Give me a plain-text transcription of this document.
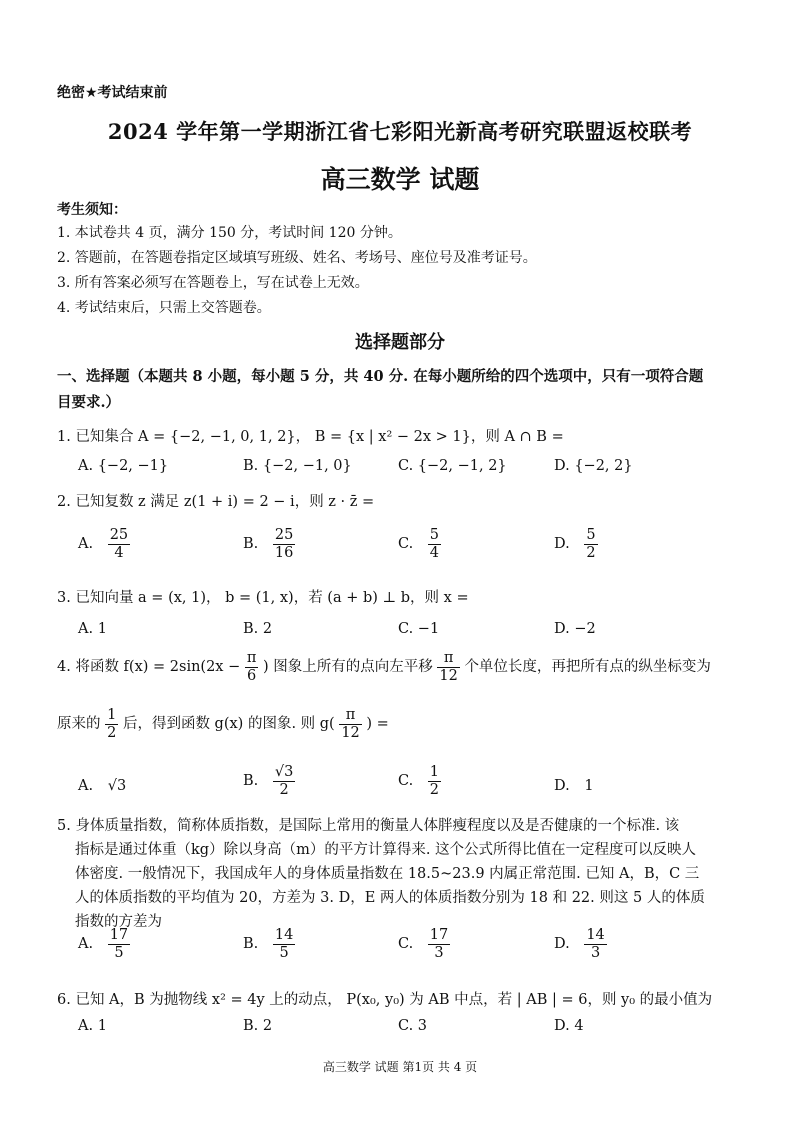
绝密★考试结束前
2024 学年第一学期浙江省七彩阳光新高考研究联盟返校联考
高三数学 试题
考生须知：
1. 本试卷共 4 页，满分 150 分，考试时间 120 分钟。
2. 答题前，在答题卷指定区域填写班级、姓名、考场号、座位号及准考证号。
3. 所有答案必须写在答题卷上，写在试卷上无效。
4. 考试结束后，只需上交答题卷。
选择题部分
一、选择题（本题共 8 小题，每小题 5 分，共 40 分. 在每小题所给的四个选项中，只有一项符合题
目要求.）
1. 已知集合 A = {−2, −1, 0, 1, 2}， B = {x | x² − 2x > 1}，则 A ∩ B =
A. {−2, −1}	B. {−2, −1, 0}	C. {−2, −1, 2}	D. {−2, 2}
2. 已知复数 z 满足 z(1 + i) = 2 − i，则 z · z̄ =
A. $\frac{25}{4}$	B. $\frac{25}{16}$	C. $\frac{5}{4}$	D. $\frac{5}{2}$
3. 已知向量 a = (x, 1)， b = (1, x)，若 (a + b) ⊥ b，则 x =
A. 1	B. 2	C. −1	D. −2
4. 将函数 $f(x) = 2\sin(2x - \frac{\pi}{6}$ ) 图象上所有的点向左平移 $\frac{\pi}{12}$ 个单位长度，再把所有点的纵坐标变为
原来的 $\frac{1}{2}$ 后，得到函数 g(x) 的图象. 则 $g( \frac{\pi}{12}$ ) =
A. √3	B. $\frac{√3}{2}$	C. $\frac{1}{2}$	D. 1
5. 身体质量指数，简称体质指数，是国际上常用的衡量人体胖瘦程度以及是否健康的一个标准. 该
指标是通过体重（kg）除以身高（m）的平方计算得来. 这个公式所得比值在一定程度可以反映人
体密度. 一般情况下，我国成年人的身体质量指数在 18.5~23.9 内属正常范围. 已知 A，B，C 三
人的体质指数的平均值为 20，方差为 3. D，E 两人的体质指数分别为 18 和 22. 则这 5 人的体质
指数的方差为
A. $\frac{17}{5}$	B. $\frac{14}{5}$	C. $\frac{17}{3}$	D. $\frac{14}{3}$
6. 已知 A，B 为抛物线 x² = 4y 上的动点， P(x₀, y₀) 为 AB 中点，若 | AB | = 6，则 y₀ 的最小值为
A. 1	B. 2	C. 3	D. 4
高三数学 试题 第1页 共 4 页
